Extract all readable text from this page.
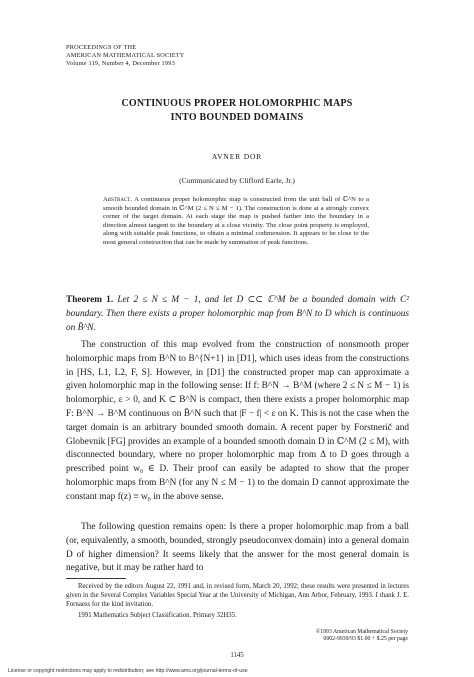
PROCEEDINGS OF THE
AMERICAN MATHEMATICAL SOCIETY
Volume 119, Number 4, December 1993
CONTINUOUS PROPER HOLOMORPHIC MAPS
INTO BOUNDED DOMAINS
AVNER DOR
(Communicated by Clifford Earle, Jr.)
Abstract. A continuous proper holomorphic map is constructed from the unit ball of ℂ^N to a smooth bounded domain in ℂ^M (2 ≤ N ≤ M − 1). The construction is done at a strongly convex corner of the target domain. At each stage the map is pushed farther into the boundary in a direction almost tangent to the boundary at a close vicinity. The close point property is employed, along with suitable peak functions, to obtain a minimal codimension. It appears to be close to the most general construction that can be made by summation of peak functions.
Theorem 1. Let 2 ≤ N ≤ M − 1, and let D ⊂⊂ ℂ^M be a bounded domain with C² boundary. Then there exists a proper holomorphic map from B^N to D which is continuous on B̄^N.
The construction of this map evolved from the construction of nonsmooth proper holomorphic maps from B^N to B^{N+1} in [D1], which uses ideas from the constructions in [HS, L1, L2, F, S]. However, in [D1] the constructed proper map can approximate a given holomorphic map in the following sense: If f: B^N → B^M (where 2 ≤ N ≤ M − 1) is holomorphic, ε > 0, and K ⊂ B^N is compact, then there exists a proper holomorphic map F: B^N → B^M continuous on B̄^N such that |F − f| < ε on K. This is not the case when the target domain is an arbitrary bounded smooth domain. A recent paper by Forstnerič and Globevnik [FG] provides an example of a bounded smooth domain D in ℂ^M (2 ≤ M), with disconnected boundary, where no proper holomorphic map from Δ to D goes through a prescribed point w₀ ∈ D. Their proof can easily be adapted to show that the proper holomorphic maps from B^N (for any N ≤ M − 1) to the domain D cannot approximate the constant map f(z) ≡ w₀ in the above sense.
The following question remains open: Is there a proper holomorphic map from a ball (or, equivalently, a smooth, bounded, strongly pseudoconvex domain) into a general domain D of higher dimension? It seems likely that the answer for the most general domain is negative, but it may be rather hard to
Received by the editors August 22, 1991 and, in revised form, March 20, 1992; these results were presented in lectures given in the Several Complex Variables Special Year at the University of Michigan, Ann Arbor, February, 1993. I thank J. E. Fornaess for the kind invitation.
1991 Mathematics Subject Classification. Primary 32H35.
©1993 American Mathematical Society
0002-9939/93 $1.00 + $.25 per page
1145
License or copyright restrictions may apply to redistribution; see http://www.ams.org/journal-terms-of-use
